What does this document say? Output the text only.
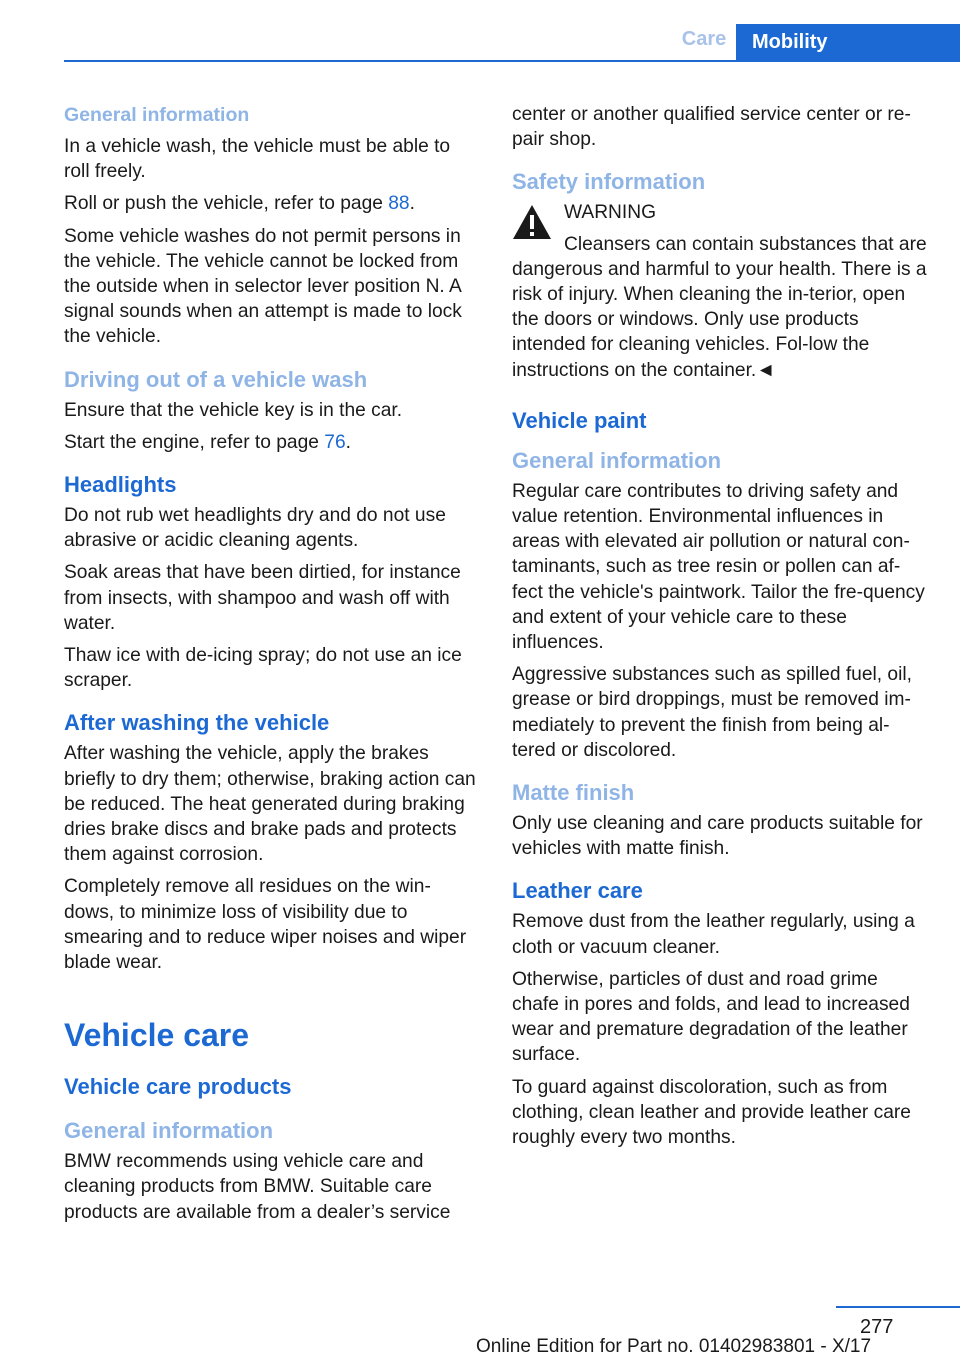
Care	Mobility
General information

In a vehicle wash, the vehicle must be able to roll freely.

Roll or push the vehicle, refer to page 88.

Some vehicle washes do not permit persons in the vehicle. The vehicle cannot be locked from the outside when in selector lever position N. A signal sounds when an attempt is made to lock the vehicle.

Driving out of a vehicle wash

Ensure that the vehicle key is in the car.

Start the engine, refer to page 76.

Headlights

Do not rub wet headlights dry and do not use abrasive or acidic cleaning agents.

Soak areas that have been dirtied, for instance from insects, with shampoo and wash off with water.

Thaw ice with de-icing spray; do not use an ice scraper.

After washing the vehicle

After washing the vehicle, apply the brakes briefly to dry them; otherwise, braking action can be reduced. The heat generated during braking dries brake discs and brake pads and protects them against corrosion.

Completely remove all residues on the win-dows, to minimize loss of visibility due to smearing and to reduce wiper noises and wiper blade wear.

Vehicle care
Vehicle care products
General information

BMW recommends using vehicle care and cleaning products from BMW. Suitable care products are available from a dealer’s service

center or another qualified service center or re-pair shop.

Safety information
WARNING
Cleansers can contain substances that are dangerous and harmful to your health. There is a risk of injury. When cleaning the in-terior, open the doors or windows. Only use products intended for cleaning vehicles. Fol-low the instructions on the container.◄
Vehicle paint
General information

Regular care contributes to driving safety and value retention. Environmental influences in areas with elevated air pollution or natural con-taminants, such as tree resin or pollen can af-fect the vehicle's paintwork. Tailor the fre-quency and extent of your vehicle care to these influences.

Aggressive substances such as spilled fuel, oil, grease or bird droppings, must be removed im-mediately to prevent the finish from being al-tered or discolored.

Matte finish

Only use cleaning and care products suitable for vehicles with matte finish.

Leather care

Remove dust from the leather regularly, using a cloth or vacuum cleaner.

Otherwise, particles of dust and road grime chafe in pores and folds, and lead to increased wear and premature degradation of the leather surface.

To guard against discoloration, such as from clothing, clean leather and provide leather care roughly every two months.

277
Online Edition for Part no. 01402983801 - X/17
